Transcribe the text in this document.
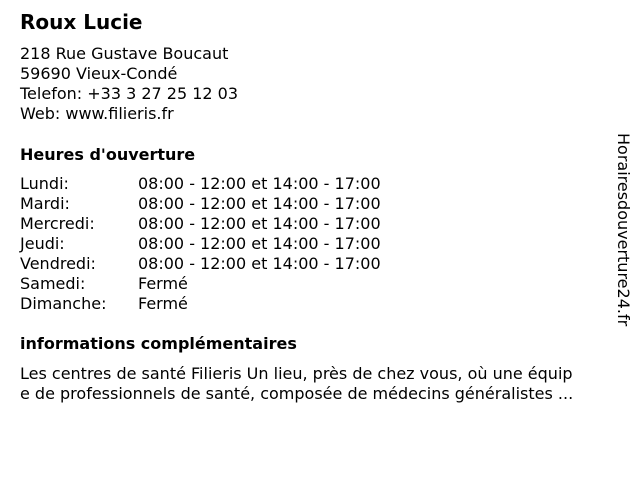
Roux Lucie
218 Rue Gustave Boucaut
59690 Vieux-Condé
Telefon: +33 3 27 25 12 03
Web: www.filieris.fr
Heures d'ouverture
Lundi:	08:00 - 12:00 et 14:00 - 17:00
Mardi:	08:00 - 12:00 et 14:00 - 17:00
Mercredi:	08:00 - 12:00 et 14:00 - 17:00
Jeudi:	08:00 - 12:00 et 14:00 - 17:00
Vendredi:	08:00 - 12:00 et 14:00 - 17:00
Samedi:	Fermé
Dimanche:	Fermé
informations complémentaires
Les centres de santé Filieris Un lieu, près de chez vous, où une équip
e de professionnels de santé, composée de médecins généralistes ...
Horairesdouverture24.fr
